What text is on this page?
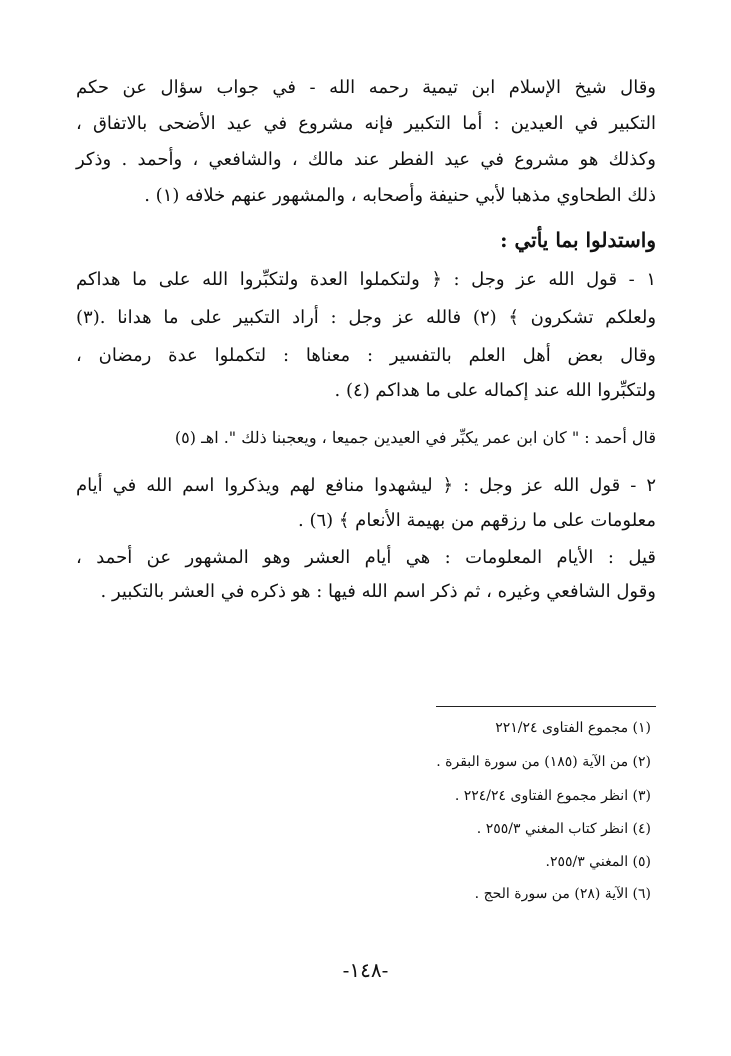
وقال شيخ الإسلام ابن تيمية رحمه الله - في جواب سؤال عن حكم
التكبير في العيدين : أما التكبير فإنه مشروع في عيد الأضحى بالاتفاق ،
وكذلك هو مشروع في عيد الفطر عند مالك ، والشافعي ، وأحمد . وذكر
ذلك الطحاوي مذهبا لأبي حنيفة وأصحابه ، والمشهور عنهم خلافه (١) .
واستدلوا بما يأتي :
١ - قول الله عز وجل : ﴿ ولتكملوا العدة ولتكبِّروا الله على ما هداكم
ولعلكم تشكرون ﴾ (٢) فالله عز وجل : أراد التكبير على ما هدانا .(٣)
وقال بعض أهل العلم بالتفسير : معناها : لتكملوا عدة رمضان ،
ولتكبِّروا الله عند إكماله على ما هداكم (٤) .
قال أحمد : " كان ابن عمر يكبِّر في العيدين جميعا ، ويعجبنا ذلك ". اهـ (٥)
٢ - قول الله عز وجل : ﴿ ليشهدوا منافع لهم ويذكروا اسم الله في أيام
معلومات على ما رزقهم من بهيمة الأنعام ﴾ (٦) .
قيل : الأيام المعلومات : هي أيام العشر وهو المشهور عن أحمد ،
وقول الشافعي وغيره ، ثم ذكر اسم الله فيها : هو ذكره في العشر بالتكبير .
(١) مجموع الفتاوى ٢٢١/٢٤
(٢) من الآية (١٨٥) من سورة البقرة .
(٣) انظر مجموع الفتاوى ٢٢٤/٢٤ .
(٤) انظر كتاب المغني ٢٥٥/٣ .
(٥) المغني ٢٥٥/٣.
(٦) الآية (٢٨) من سورة الحج .
-١٤٨-
